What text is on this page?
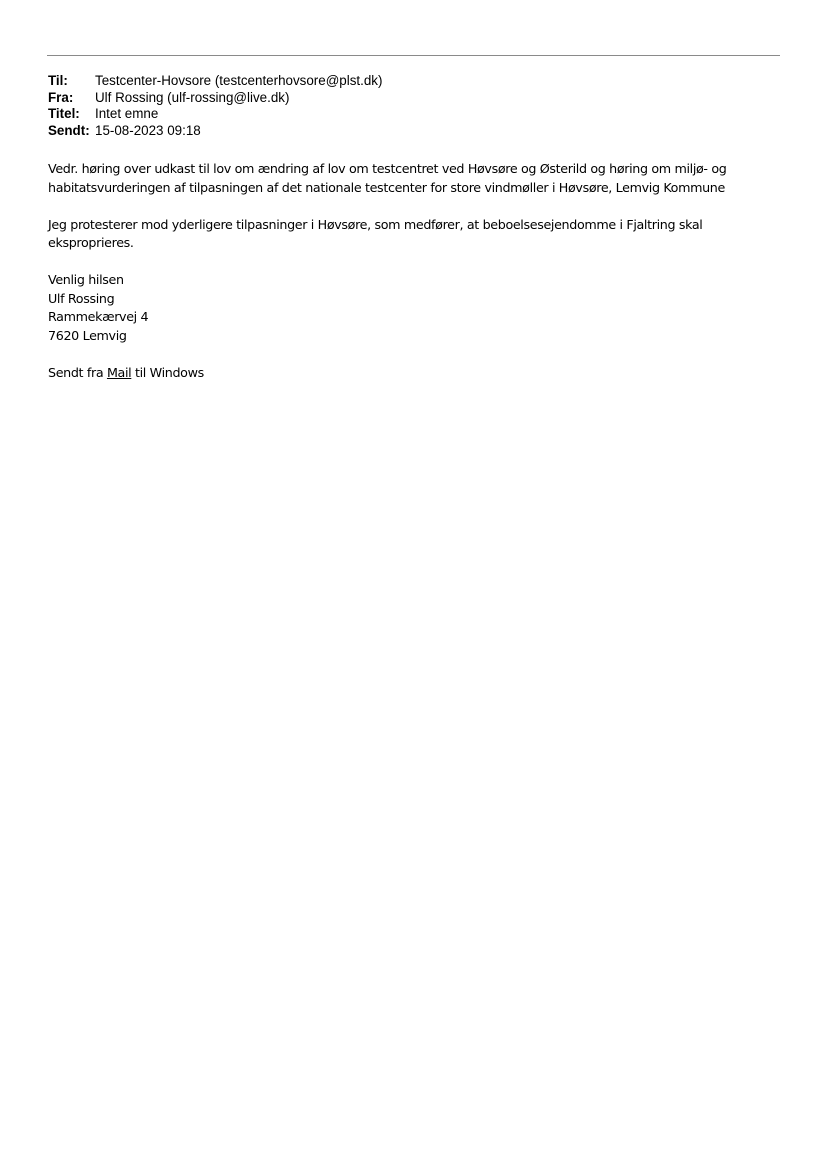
Til:	Testcenter-Hovsore (testcenterhovsore@plst.dk)
Fra:	Ulf Rossing (ulf-rossing@live.dk)
Titel:	Intet emne
Sendt: 15-08-2023 09:18
Vedr. høring over udkast til lov om ændring af lov om testcentret ved Høvsøre og Østerild og høring om miljø- og
habitatsvurderingen af tilpasningen af det nationale testcenter for store vindmøller i Høvsøre, Lemvig Kommune
Jeg protesterer mod yderligere tilpasninger i Høvsøre, som medfører, at beboelsesejendomme i Fjaltring skal
eksproprieres.
Venlig hilsen
Ulf Rossing
Rammekærvej 4
7620 Lemvig
Sendt fra Mail til Windows
